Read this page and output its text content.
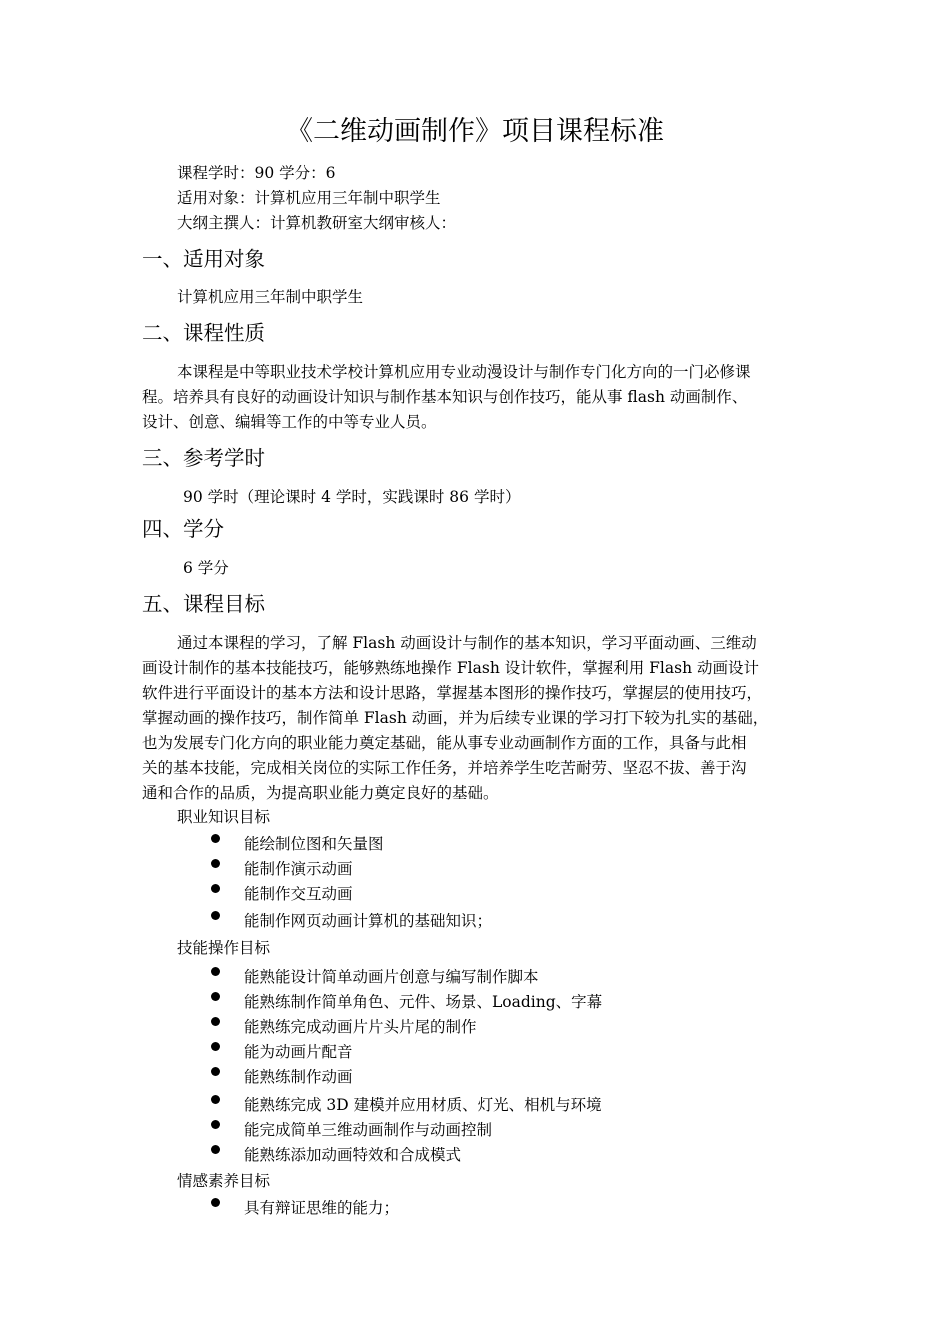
《二维动画制作》项目课程标准
课程学时：90 学分：6
适用对象：计算机应用三年制中职学生
大纲主撰人：计算机教研室大纲审核人：
一、适用对象
计算机应用三年制中职学生
二、课程性质
本课程是中等职业技术学校计算机应用专业动漫设计与制作专门化方向的一门必修课
程。培养具有良好的动画设计知识与制作基本知识与创作技巧，能从事 flash 动画制作、
设计、创意、编辑等工作的中等专业人员。
三、参考学时
90 学时（理论课时 4 学时，实践课时 86 学时）
四、学分
6 学分
五、课程目标
通过本课程的学习，了解 Flash 动画设计与制作的基本知识，学习平面动画、三维动
画设计制作的基本技能技巧，能够熟练地操作 Flash 设计软件，掌握利用 Flash 动画设计
软件进行平面设计的基本方法和设计思路，掌握基本图形的操作技巧，掌握层的使用技巧，
掌握动画的操作技巧，制作简单 Flash 动画，并为后续专业课的学习打下较为扎实的基础，
也为发展专门化方向的职业能力奠定基础，能从事专业动画制作方面的工作，具备与此相
关的基本技能，完成相关岗位的实际工作任务，并培养学生吃苦耐劳、坚忍不拔、善于沟
通和合作的品质，为提高职业能力奠定良好的基础。
职业知识目标
能绘制位图和矢量图
能制作演示动画
能制作交互动画
能制作网页动画计算机的基础知识；
技能操作目标
能熟能设计简单动画片创意与编写制作脚本
能熟练制作简单角色、元件、场景、Loading、字幕
能熟练完成动画片片头片尾的制作
能为动画片配音
能熟练制作动画
能熟练完成 3D 建模并应用材质、灯光、相机与环境
能完成简单三维动画制作与动画控制
能熟练添加动画特效和合成模式
情感素养目标
具有辩证思维的能力；
